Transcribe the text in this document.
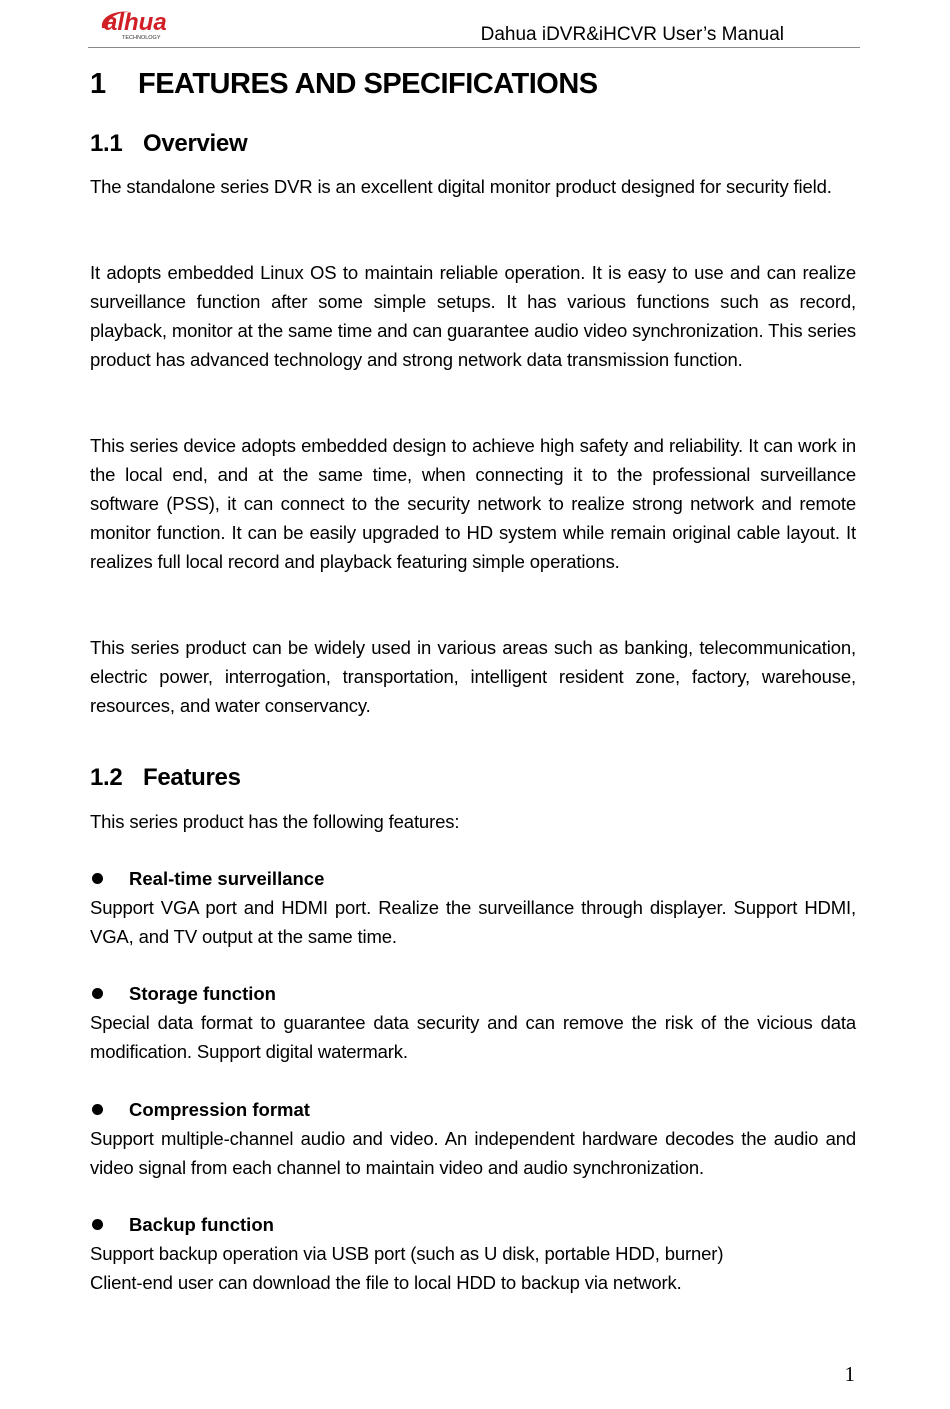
alhua
TECHNOLOGY	Dahua iDVR&iHCVR User’s Manual
1 FEATURES AND SPECIFICATIONS
1.1 Overview

The standalone series DVR is an excellent digital monitor product designed for security field.

It adopts embedded Linux OS to maintain reliable operation. It is easy to use and can realize surveillance function after some simple setups. It has various functions such as record, playback, monitor at the same time and can guarantee audio video synchronization. This series product has advanced technology and strong network data transmission function.

This series device adopts embedded design to achieve high safety and reliability. It can work in the local end, and at the same time, when connecting it to the professional surveillance software (PSS), it can connect to the security network to realize strong network and remote monitor function. It can be easily upgraded to HD system while remain original cable layout. It realizes full local record and playback featuring simple operations.

This series product can be widely used in various areas such as banking, telecommunication, electric power, interrogation, transportation, intelligent resident zone, factory, warehouse, resources, and water conservancy.

1.2 Features

This series product has the following features:

Real-time surveillance

Support VGA port and HDMI port. Realize the surveillance through displayer. Support HDMI, VGA, and TV output at the same time.

Storage function

Special data format to guarantee data security and can remove the risk of the vicious data modification. Support digital watermark.

Compression format

Support multiple-channel audio and video. An independent hardware decodes the audio and video signal from each channel to maintain video and audio synchronization.

Backup function

Support backup operation via USB port (such as U disk, portable HDD, burner)

Client-end user can download the file to local HDD to backup via network.

1
